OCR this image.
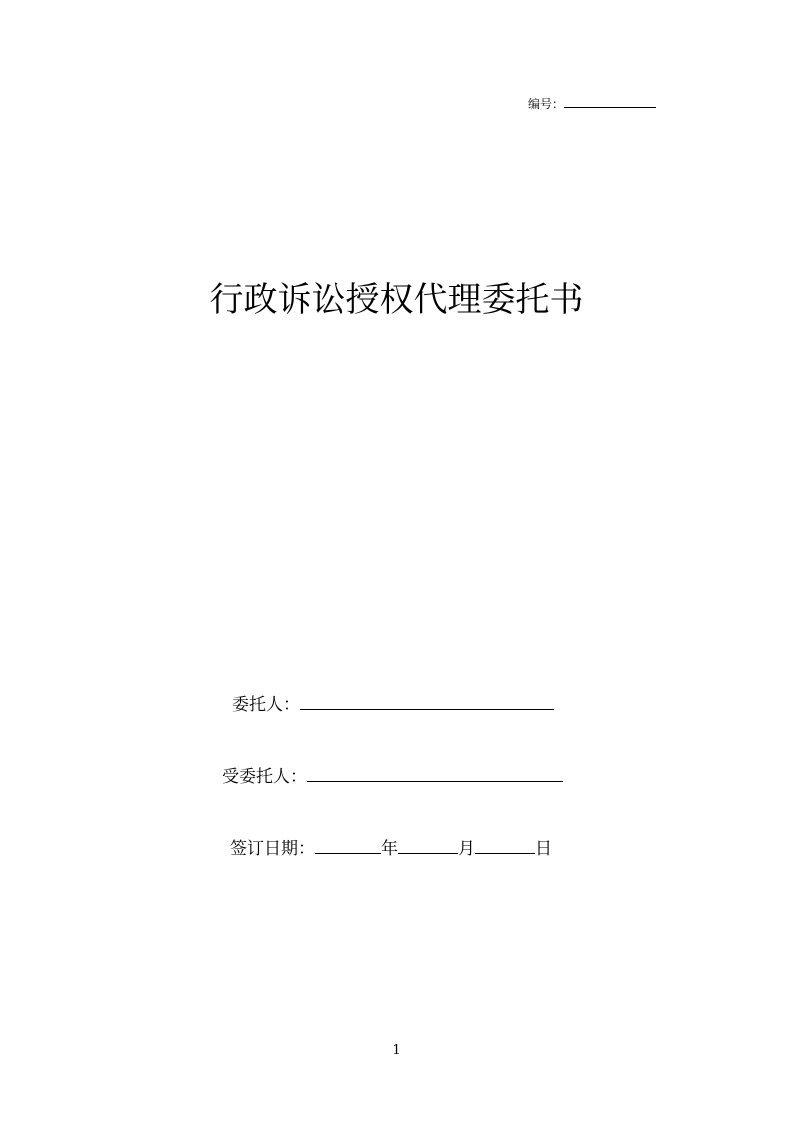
编号：
行政诉讼授权代理委托书
委托人：
受委托人：
签订日期：	年	月	日
1
